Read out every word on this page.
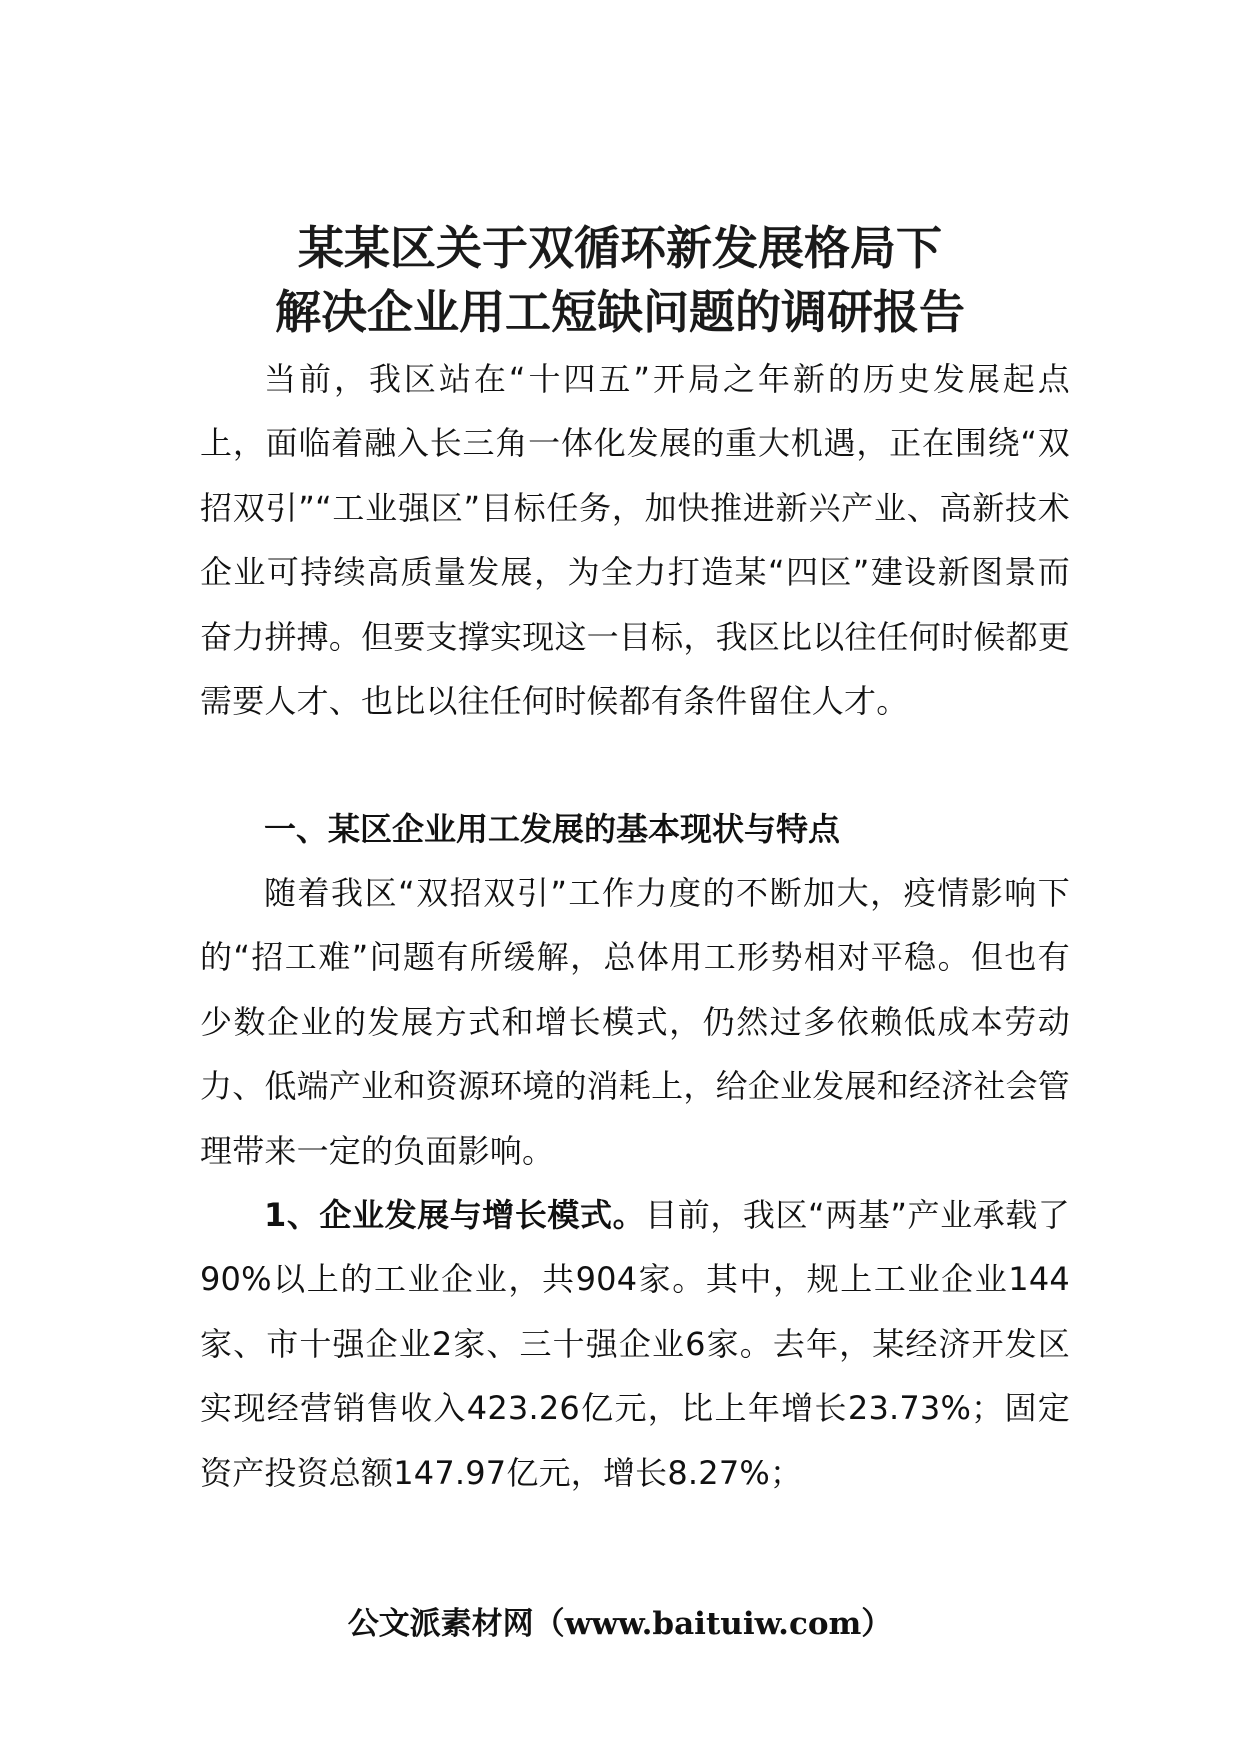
某某区关于双循环新发展格局下
解决企业用工短缺问题的调研报告

当前，我区站在“十四五”开局之年新的历史发展起点上，面临着融入长三角一体化发展的重大机遇，正在围绕“双招双引”“工业强区”目标任务，加快推进新兴产业、高新技术企业可持续高质量发展，为全力打造某“四区”建设新图景而奋力拼搏。但要支撑实现这一目标，我区比以往任何时候都更需要人才、也比以往任何时候都有条件留住人才。

一、某区企业用工发展的基本现状与特点

随着我区“双招双引”工作力度的不断加大，疫情影响下的“招工难”问题有所缓解，总体用工形势相对平稳。但也有少数企业的发展方式和增长模式，仍然过多依赖低成本劳动力、低端产业和资源环境的消耗上，给企业发展和经济社会管理带来一定的负面影响。

1、企业发展与增长模式。目前，我区“两基”产业承载了90%以上的工业企业，共904家。其中，规上工业企业144家、市十强企业2家、三十强企业6家。去年，某经济开发区实现经营销售收入423.26亿元，比上年增长23.73%；固定资产投资总额147.97亿元，增长8.27%；

公文派素材网（www.baituiw.com）
